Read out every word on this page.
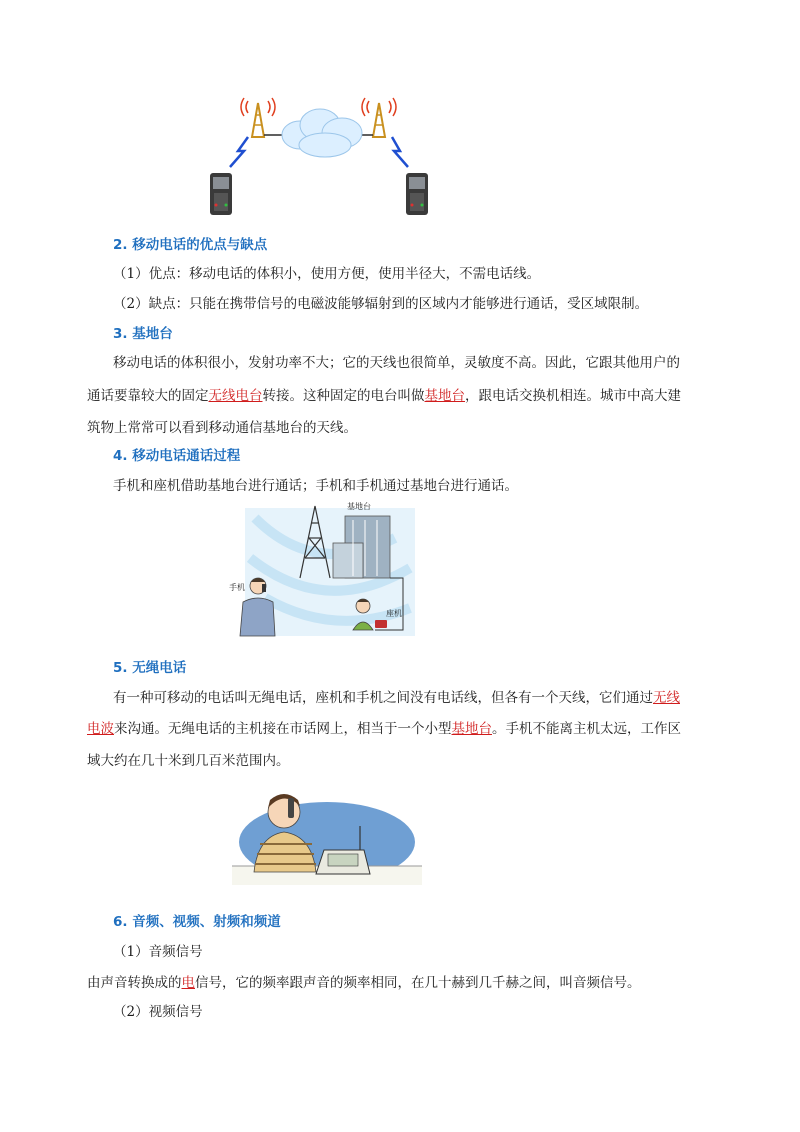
2. 移动电话的优点与缺点
（1）优点：移动电话的体积小，使用方便，使用半径大，不需电话线。
（2）缺点：只能在携带信号的电磁波能够辐射到的区域内才能够进行通话，受区域限制。
3. 基地台
移动电话的体积很小，发射功率不大；它的天线也很简单，灵敏度不高。因此，它跟其他用户的
通话要靠较大的固定无线电台转接。这种固定的电台叫做基地台，跟电话交换机相连。城市中高大建
筑物上常常可以看到移动通信基地台的天线。
4. 移动电话通话过程
手机和座机借助基地台进行通话；手机和手机通过基地台进行通话。
基地台
手机
座机
5. 无绳电话
有一种可移动的电话叫无绳电话，座机和手机之间没有电话线，但各有一个天线，它们通过无线
电波来沟通。无绳电话的主机接在市话网上，相当于一个小型基地台。手机不能离主机太远，工作区
域大约在几十米到几百米范围内。
6. 音频、视频、射频和频道
（1）音频信号
由声音转换成的电信号，它的频率跟声音的频率相同，在几十赫到几千赫之间，叫音频信号。
（2）视频信号
